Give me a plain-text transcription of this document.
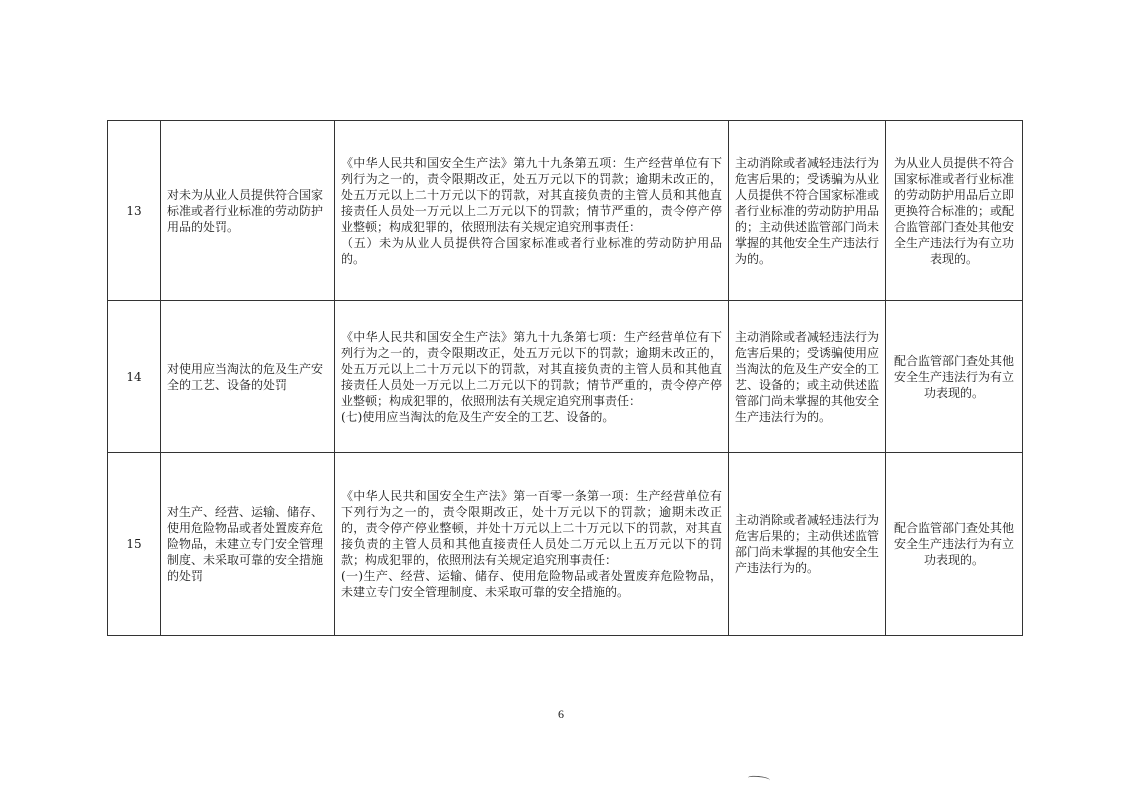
13	对未为从业人员提供符合国家标准或者行业标准的劳动防护用品的处罚。	《中华人民共和国安全生产法》第九十九条第五项：生产经营单位有下列行为之一的，责令限期改正，处五万元以下的罚款；逾期未改正的，处五万元以上二十万元以下的罚款，对其直接负责的主管人员和其他直接责任人员处一万元以上二万元以下的罚款；情节严重的，责令停产停业整顿；构成犯罪的，依照刑法有关规定追究刑事责任：
（五）未为从业人员提供符合国家标准或者行业标准的劳动防护用品的。	主动消除或者减轻违法行为危害后果的；受诱骗为从业人员提供不符合国家标准或者行业标准的劳动防护用品的；主动供述监管部门尚未掌握的其他安全生产违法行为的。	为从业人员提供不符合国家标准或者行业标准的劳动防护用品后立即更换符合标准的；或配合监管部门查处其他安全生产违法行为有立功表现的。
14	对使用应当淘汰的危及生产安全的工艺、设备的处罚	《中华人民共和国安全生产法》第九十九条第七项：生产经营单位有下列行为之一的，责令限期改正，处五万元以下的罚款；逾期未改正的，处五万元以上二十万元以下的罚款，对其直接负责的主管人员和其他直接责任人员处一万元以上二万元以下的罚款；情节严重的，责令停产停业整顿；构成犯罪的，依照刑法有关规定追究刑事责任：
(七)使用应当淘汰的危及生产安全的工艺、设备的。	主动消除或者减轻违法行为危害后果的；受诱骗使用应当淘汰的危及生产安全的工艺、设备的；或主动供述监管部门尚未掌握的其他安全生产违法行为的。	配合监管部门查处其他安全生产违法行为有立功表现的。
15	对生产、经营、运输、储存、使用危险物品或者处置废弃危险物品，未建立专门安全管理制度、未采取可靠的安全措施的处罚	《中华人民共和国安全生产法》第一百零一条第一项：生产经营单位有下列行为之一的，责令限期改正，处十万元以下的罚款；逾期未改正的，责令停产停业整顿，并处十万元以上二十万元以下的罚款，对其直接负责的主管人员和其他直接责任人员处二万元以上五万元以下的罚款；构成犯罪的，依照刑法有关规定追究刑事责任：
(一)生产、经营、运输、储存、使用危险物品或者处置废弃危险物品，未建立专门安全管理制度、未采取可靠的安全措施的。	主动消除或者减轻违法行为危害后果的；主动供述监管部门尚未掌握的其他安全生产违法行为的。	配合监管部门查处其他安全生产违法行为有立功表现的。
6
